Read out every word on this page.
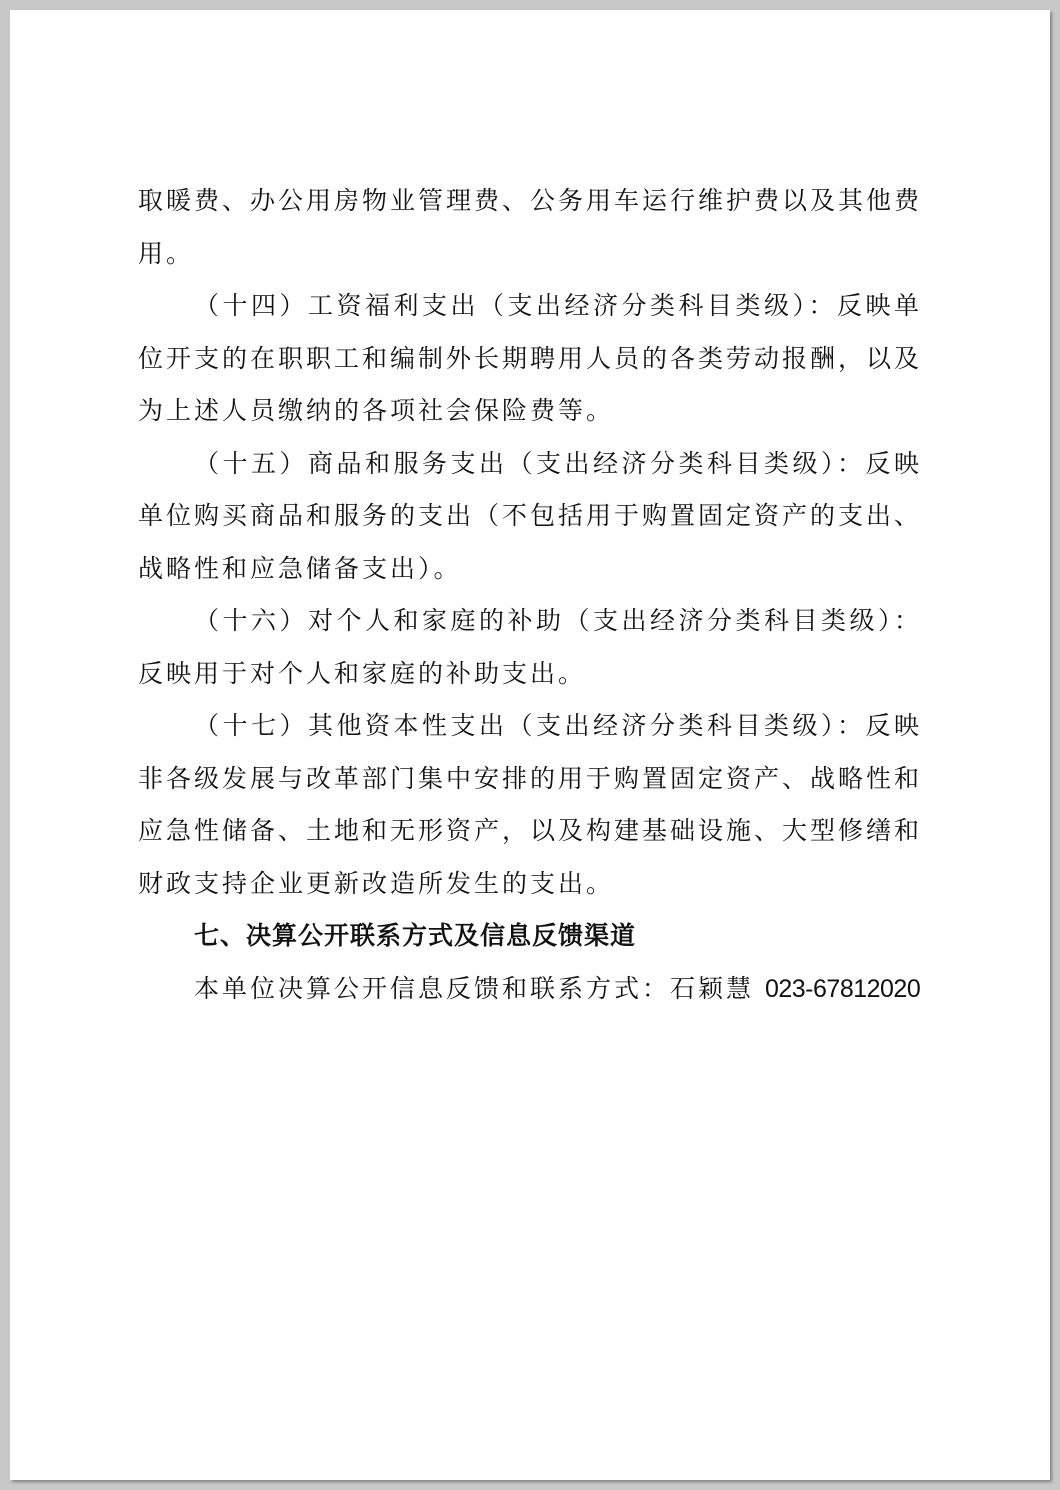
取暖费、办公用房物业管理费、公务用车运行维护费以及其他费用。

（十四）工资福利支出（支出经济分类科目类级）：反映单位开支的在职职工和编制外长期聘用人员的各类劳动报酬，以及为上述人员缴纳的各项社会保险费等。

（十五）商品和服务支出（支出经济分类科目类级）：反映单位购买商品和服务的支出（不包括用于购置固定资产的支出、战略性和应急储备支出）。

（十六）对个人和家庭的补助（支出经济分类科目类级）：反映用于对个人和家庭的补助支出。

（十七）其他资本性支出（支出经济分类科目类级）：反映非各级发展与改革部门集中安排的用于购置固定资产、战略性和应急性储备、土地和无形资产，以及构建基础设施、大型修缮和财政支持企业更新改造所发生的支出。

七、决算公开联系方式及信息反馈渠道

本单位决算公开信息反馈和联系方式：石颖慧 023-67812020
